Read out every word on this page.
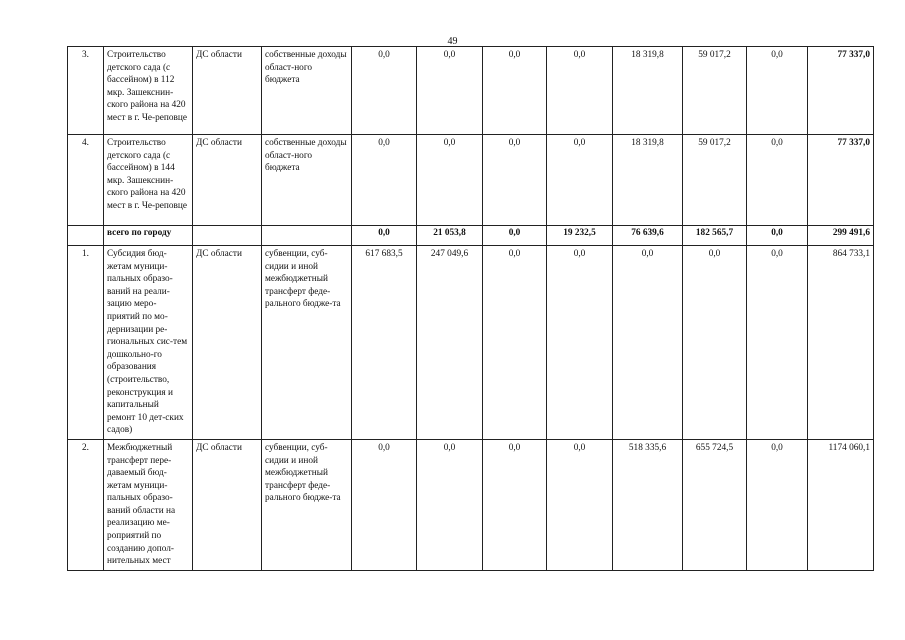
49
3.	Строительство детского сада (с бассейном) в 112 мкр. Зашекснин-ского района на 420 мест в г. Че-реповце	ДС области	собственные доходы област-ного бюджета	0,0	0,0	0,0	0,0	18 319,8	59 017,2	0,0	77 337,0
4.	Строительство детского сада (с бассейном) в 144 мкр. Зашекснин-ского района на 420 мест в г. Че-реповце	ДС области	собственные доходы област-ного бюджета	0,0	0,0	0,0	0,0	18 319,8	59 017,2	0,0	77 337,0
	всего по городу			0,0	21 053,8	0,0	19 232,5	76 639,6	182 565,7	0,0	299 491,6
1.	Субсидия бюд-жетам муници-пальных образо-ваний на реали-зацию меро-приятий по мо-дернизации ре-гиональных сис-тем дошкольно-го образования (строительство, реконструкция и капитальный ремонт 10 дет-ских садов)	ДС области	субвенции, суб-сидии и иной межбюджетный трансферт феде-рального бюдже-та	617 683,5	247 049,6	0,0	0,0	0,0	0,0	0,0	864 733,1
2.	Межбюджетный трансферт пере-даваемый бюд-жетам муници-пальных образо-ваний области на реализацию ме-роприятий по созданию допол-нительных мест	ДС области	субвенции, суб-сидии и иной межбюджетный трансферт феде-рального бюдже-та	0,0	0,0	0,0	0,0	518 335,6	655 724,5	0,0	1174 060,1
